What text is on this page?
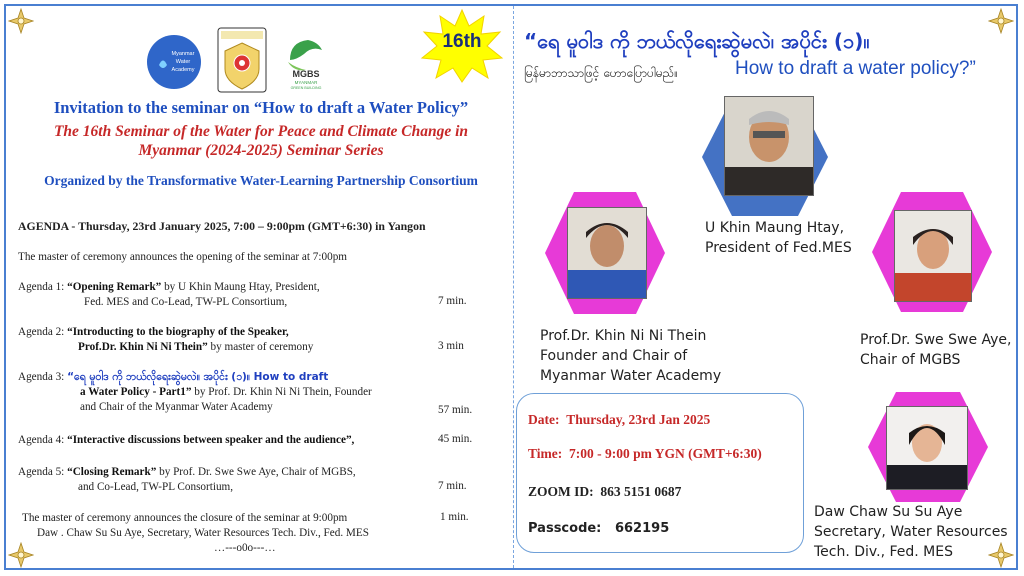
Myanmar
Water
Academy	MGBS
MYANMAR
GREEN BUILDING
16th
Invitation to the seminar on “How to draft a Water Policy”
The 16th Seminar of the Water for Peace and Climate Change in
Myanmar (2024-2025) Seminar Series
Organized by the Transformative Water-Learning Partnership Consortium
AGENDA - Thursday, 23rd January 2025, 7:00 – 9:00pm (GMT+6:30) in Yangon
The master of ceremony announces the opening of the seminar at 7:00pm
Agenda 1: “Opening Remark” by U Khin Maung Htay, President,
Fed. MES and Co-Lead, TW-PL Consortium,	7 min.
Agenda 2: “Introducting to the biography of the Speaker,
Prof.Dr. Khin Ni Ni Thein” by master of ceremony	3 min
Agenda 3: “ရေ မူဝါဒ ကို ဘယ်လိုရေးဆွဲမလဲ။ အပိုင်း (၁)။ How to draft
a Water Policy - Part1” by Prof. Dr. Khin Ni Ni Thein, Founder
and Chair of the Myanmar Water Academy	57 min.
Agenda 4: “Interactive discussions between speaker and the audience”,	45 min.
Agenda 5: “Closing Remark” by Prof. Dr. Swe Swe Aye, Chair of MGBS,
and Co-Lead, TW-PL Consortium,	7 min.
The master of ceremony announces the closure of the seminar at 9:00pm	1 min.
Daw . Chaw Su Su Aye, Secretary, Water Resources Tech. Div., Fed. MES
…---o0o---…
“ရေ မူဝါဒ ကို ဘယ်လိုရေးဆွဲမလဲ၊ အပိုင်း (၁)။
မြန်မာဘာသာဖြင့် ဟောပြောပါမည်။	How to draft a water policy?”
U Khin Maung Htay,
President of Fed.MES
Prof.Dr. Khin Ni Ni Thein
Founder and Chair of
Myanmar Water Academy
Prof.Dr. Swe Swe Aye,
Chair of MGBS
Daw Chaw Su Su Aye
Secretary, Water Resources
Tech. Div., Fed. MES
Date: Thursday, 23rd Jan 2025
Time: 7:00 - 9:00 pm YGN (GMT+6:30)
ZOOM ID: 863 5151 0687
Passcode: 662195
